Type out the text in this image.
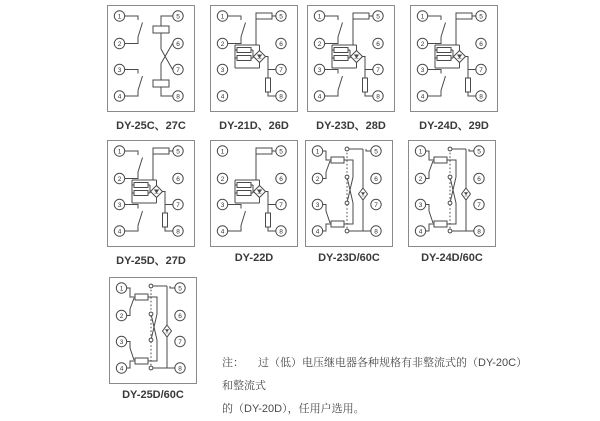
1
2
3
4
5
6
7
8
DY-25C、27C
1
2
3
4
5
6
7
8
DY-21D、26D
1
2
3
4
5
6
7
8
DY-23D、28D
1
2
3
4
5
6
7
8
DY-24D、29D
1
2
3
4
5
6
7
8
DY-25D、27D
1
2
3
4
5
6
7
8
DY-22D
1
2
3
4
5
6
7
8
DY-23D/60C
1
2
3
4
5
6
7
8
DY-24D/60C
1
2
3
4
5
6
7
8
DY-25D/60C
注： 过（低）电压继电器各种规格有非整流式的（DY-20C）和整流式
的（DY-20D），任用户选用。
